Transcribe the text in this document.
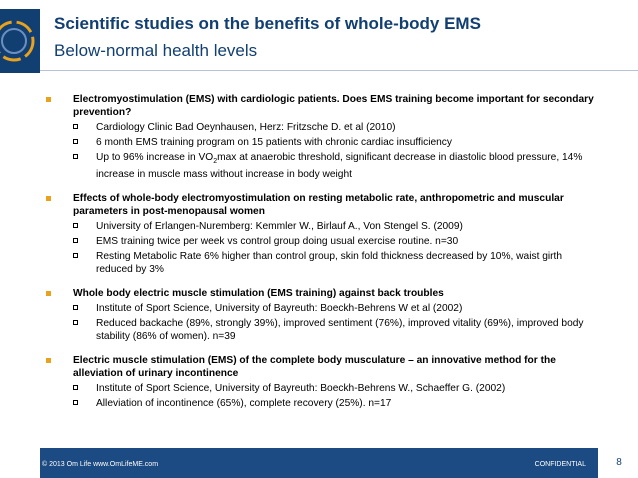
Scientific studies on the benefits of whole-body EMS
Below-normal health levels
Electromyostimulation (EMS) with cardiologic patients. Does EMS training become important for secondary prevention?
Cardiology Clinic Bad Oeynhausen, Herz: Fritzsche D. et al (2010)
6 month EMS training program on 15 patients with chronic cardiac insufficiency
Up to 96% increase in $VO_2\max$ at anaerobic threshold, significant decrease in diastolic blood pressure, 14% increase in muscle mass without increase in body weight
Effects of whole-body electromyostimulation on resting metabolic rate, anthropometric and muscular parameters in post-menopausal women
University of Erlangen-Nuremberg: Kemmler W., Birlauf A., Von Stengel S. (2009)
EMS training twice per week vs control group doing usual exercise routine. n=30
Resting Metabolic Rate 6% higher than control group, skin fold thickness decreased by 10%, waist girth reduced by 3%
Whole body electric muscle stimulation (EMS training) against back troubles
Institute of Sport Science, University of Bayreuth: Boeckh-Behrens W et al (2002)
Reduced backache (89%, strongly 39%), improved sentiment (76%), improved vitality (69%), improved body stability (86% of women). n=39
Electric muscle stimulation (EMS) of the complete body musculature – an innovative method for the alleviation of urinary incontinence
Institute of Sport Science, University of Bayreuth: Boeckh-Behrens W., Schaeffer G. (2002)
Alleviation of incontinence (65%), complete recovery (25%). n=17
© 2013 Om Life www.OmLifeME.com	CONFIDENTIAL	8
